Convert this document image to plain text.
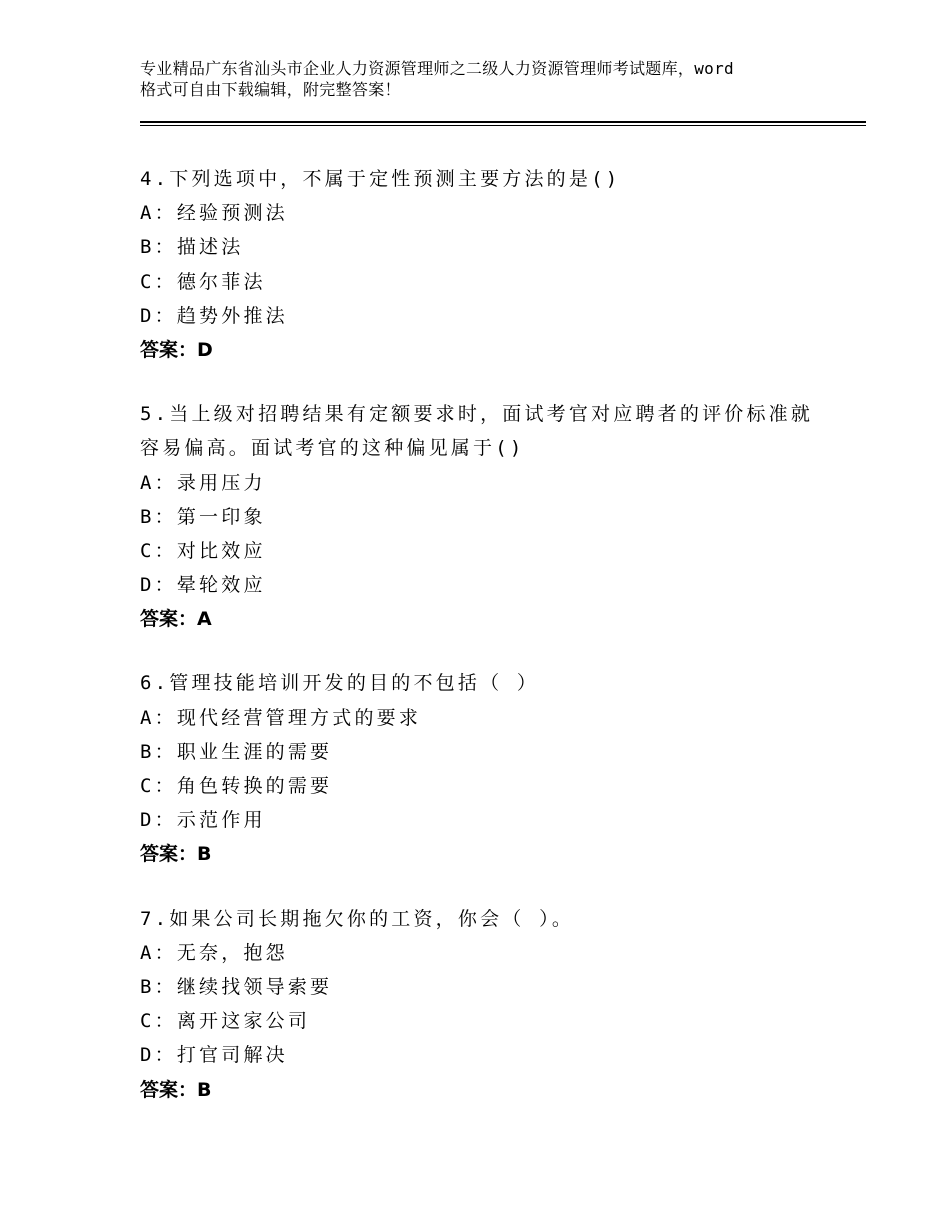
专业精品广东省汕头市企业人力资源管理师之二级人力资源管理师考试题库，word
格式可自由下载编辑，附完整答案！
4.下列选项中，不属于定性预测主要方法的是()
A：经验预测法
B：描述法
C：德尔菲法
D：趋势外推法
答案：D
5.当上级对招聘结果有定额要求时，面试考官对应聘者的评价标准就
容易偏高。面试考官的这种偏见属于()
A：录用压力
B：第一印象
C：对比效应
D：晕轮效应
答案：A
6.管理技能培训开发的目的不包括（ ）
A：现代经营管理方式的要求
B：职业生涯的需要
C：角色转换的需要
D：示范作用
答案：B
7.如果公司长期拖欠你的工资，你会（ ）。
A：无奈，抱怨
B：继续找领导索要
C：离开这家公司
D：打官司解决
答案：B
